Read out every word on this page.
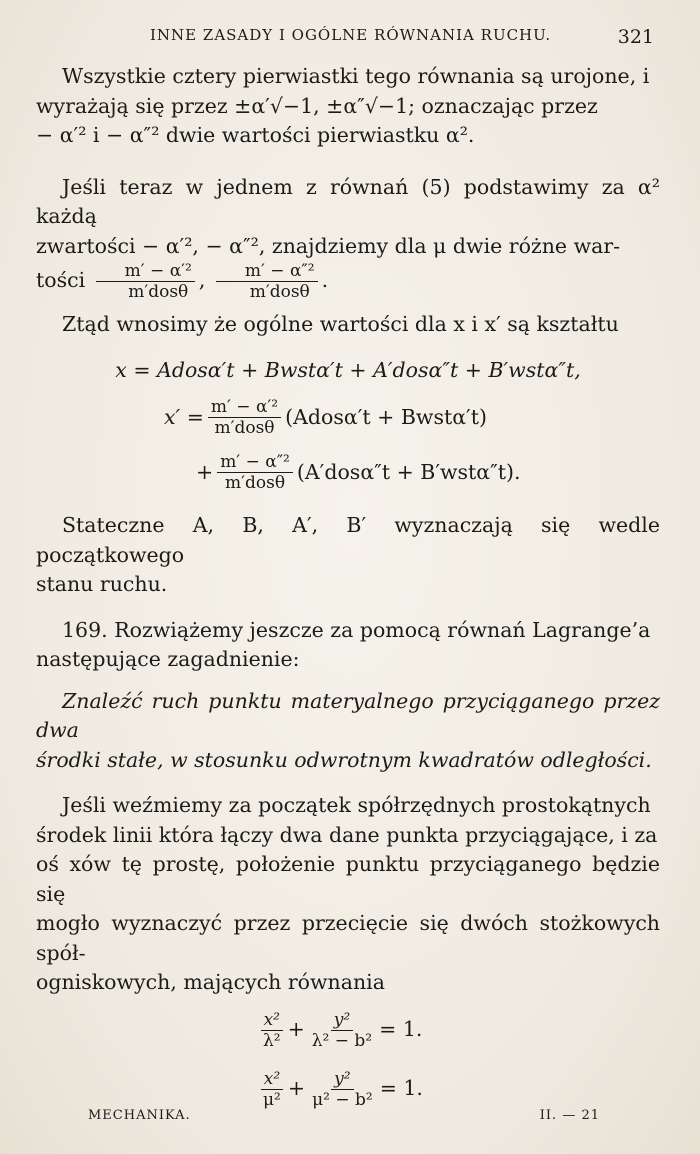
INNE ZASADY I OGÓLNE RÓWNANIA RUCHU.	321

Wszystkie cztery pierwiastki tego równania są urojone, i
wyrażają się przez ±α′√−1, ±α″√−1; oznaczając przez
− α′² i − α″² dwie wartości pierwiastku α².

Jeśli teraz w jednem z równań (5) podstawimy za α² każdą
zwartości − α′², − α″², znajdziemy dla μ dwie różne war-
tości $\frac{\text{m′ − α′²}}{\text{m′dosθ}}$ , $\frac{\text{m′ − α″²}}{\text{m′dosθ}}$ .

Ztąd wnosimy że ogólne wartości dla x i x′ są kształtu

x = Adosα′t + Bwstα′t + A′dosα″t + B′wstα″t,
$x' = \frac{\text{m′ − α′²}}{\text{m′dosθ}}$ (Adosα′t + Bwstα′t)
+ $\frac{\text{m′ − α″²}}{\text{m′dosθ}} (A'dos\alpha''t + B'wst\alpha''t)$.

Stateczne A, B, A′, B′ wyznaczają się wedle początkowego
stanu ruchu.

169. Rozwiążemy jeszcze za pomocą równań Lagrange’a
następujące zagadnienie:

Znaleźć ruch punktu materyalnego przyciąganego przez dwa
środki stałe, w stosunku odwrotnym kwadratów odległości.

Jeśli weźmiemy za początek spółrzędnych prostokątnych
środek linii która łączy dwa dane punkta przyciągające, i za
oś xów tę prostę, położenie punktu przyciąganego będzie się
mogło wyznaczyć przez przecięcie się dwóch stożkowych spół-
ogniskowych, mających równania

$\frac{\text{x²}}{\text{λ²}} + \frac{\text{y²}}{\text{λ² − b²}} = 1$.
$\frac{\text{x²}}{\text{μ²}} + \frac{\text{y²}}{\text{μ² − b²}} = 1$.
MECHANIKA.	II. — 21
